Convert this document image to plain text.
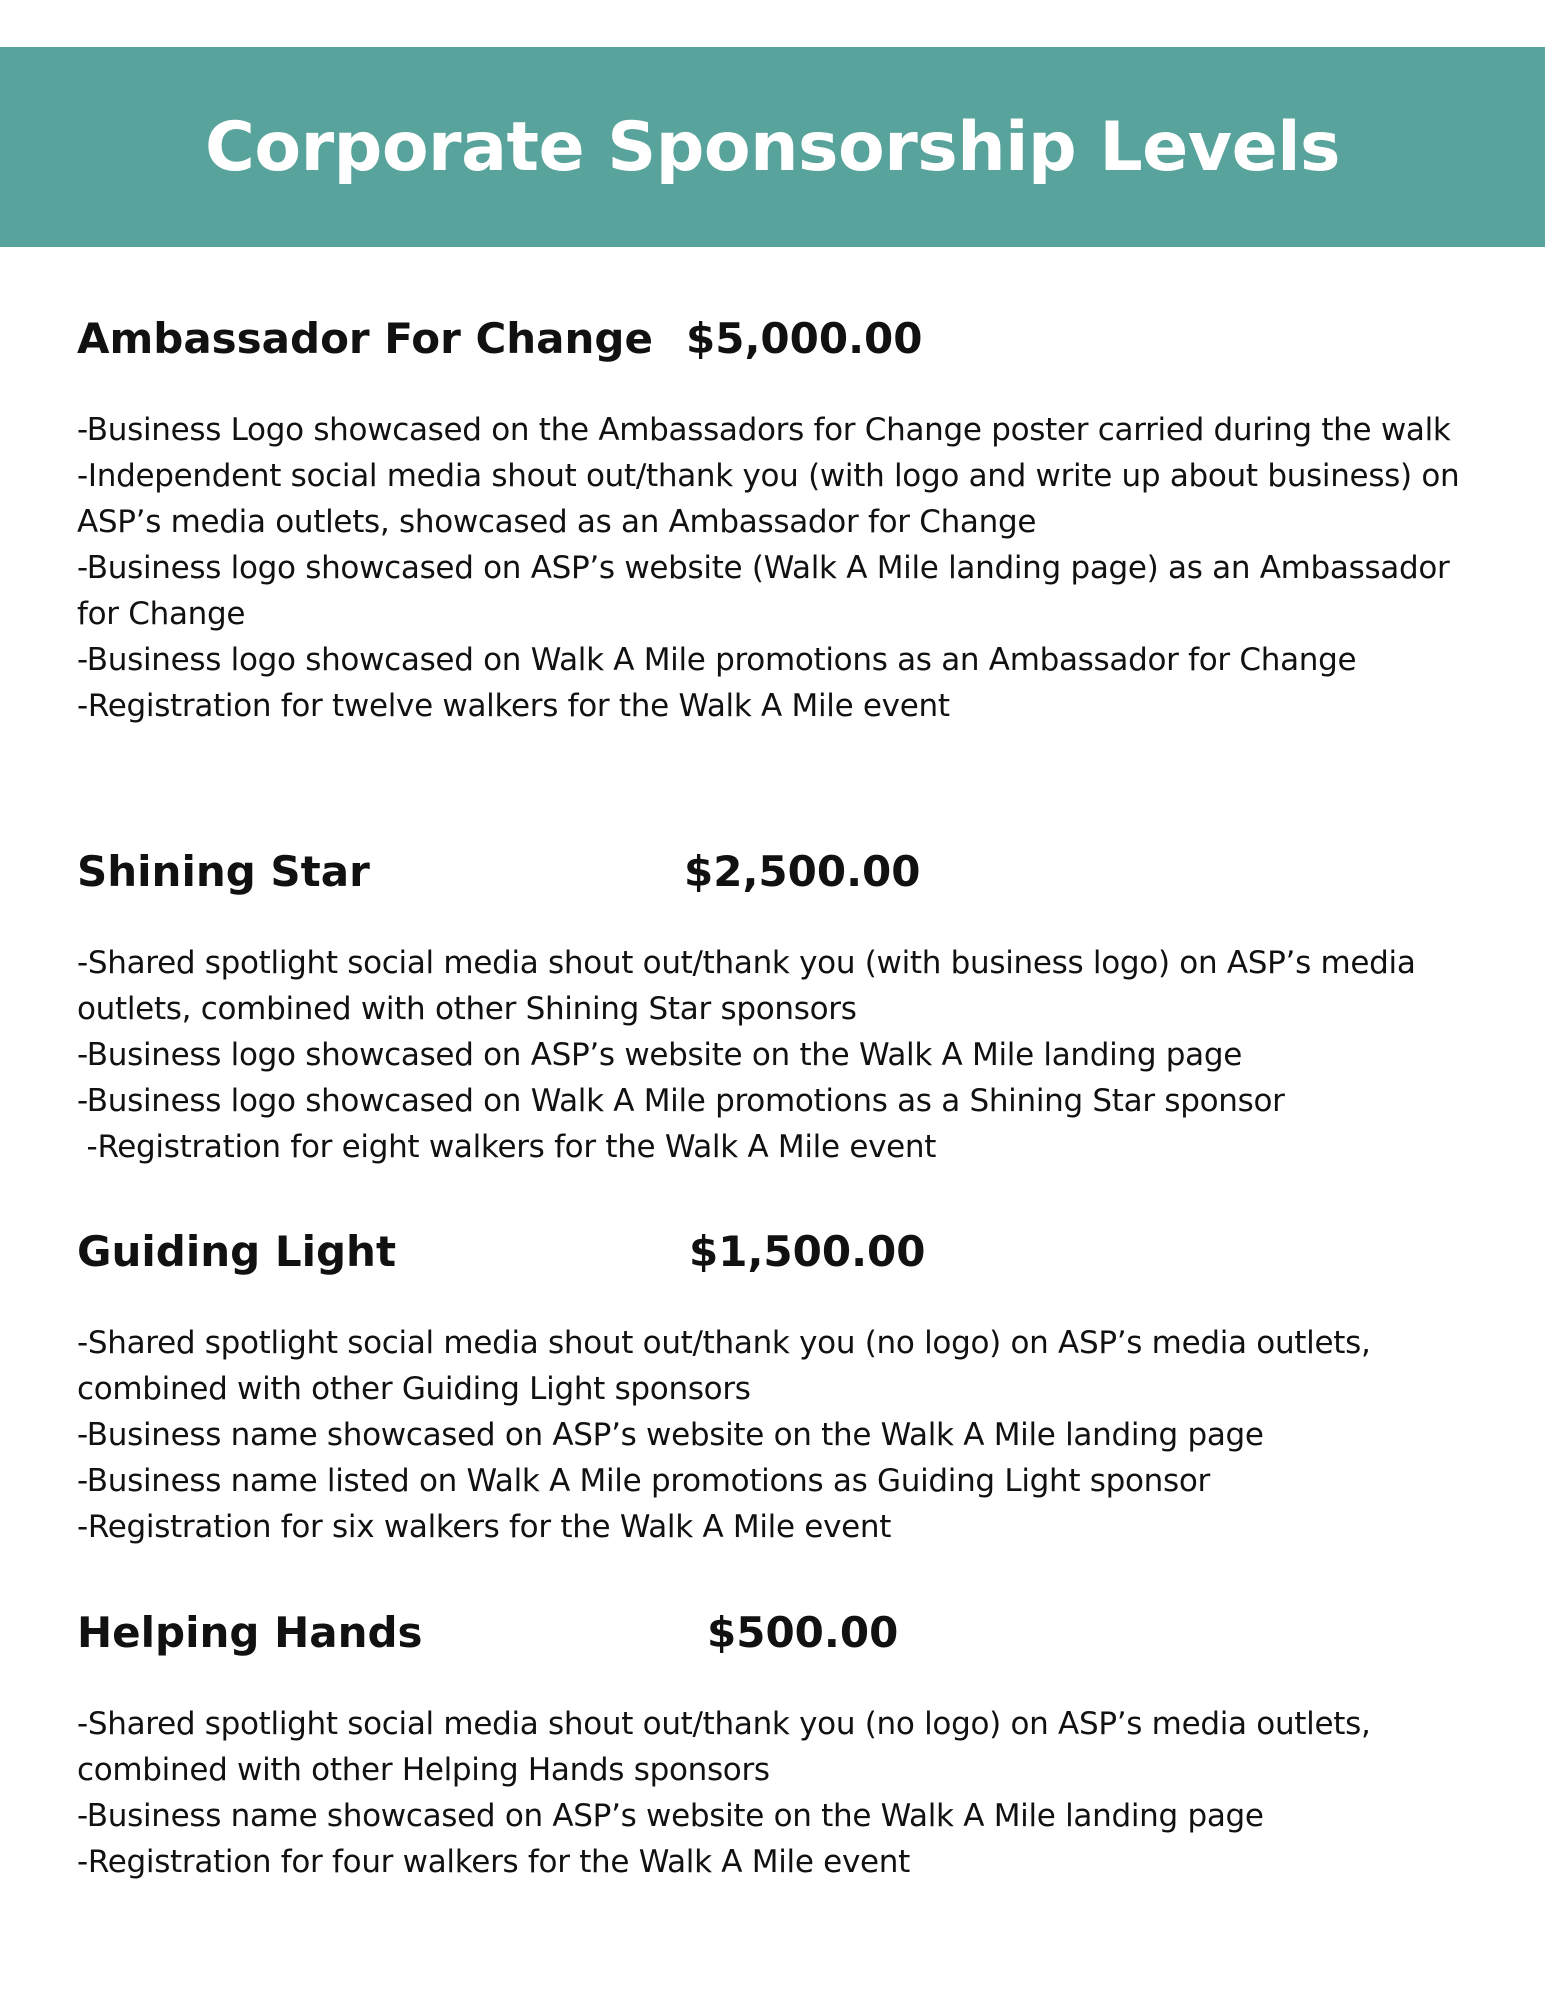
Corporate Sponsorship Levels
Ambassador For Change $5,000.00
-Business Logo showcased on the Ambassadors for Change poster carried during the walk
-Independent social media shout out/thank you (with logo and write up about business) on ASP’s media outlets, showcased as an Ambassador for Change
-Business logo showcased on ASP’s website (Walk A Mile landing page) as an Ambassador for Change
-Business logo showcased on Walk A Mile promotions as an Ambassador for Change
-Registration for twelve walkers for the Walk A Mile event
Shining Star	$2,500.00
-Shared spotlight social media shout out/thank you (with business logo) on ASP’s media outlets, combined with other Shining Star sponsors
-Business logo showcased on ASP’s website on the Walk A Mile landing page
-Business logo showcased on Walk A Mile promotions as a Shining Star sponsor
-Registration for eight walkers for the Walk A Mile event
Guiding Light	$1,500.00
-Shared spotlight social media shout out/thank you (no logo) on ASP’s media outlets, combined with other Guiding Light sponsors
-Business name showcased on ASP’s website on the Walk A Mile landing page
-Business name listed on Walk A Mile promotions as Guiding Light sponsor
-Registration for six walkers for the Walk A Mile event
Helping Hands	$500.00
-Shared spotlight social media shout out/thank you (no logo) on ASP’s media outlets, combined with other Helping Hands sponsors
-Business name showcased on ASP’s website on the Walk A Mile landing page
-Registration for four walkers for the Walk A Mile event
